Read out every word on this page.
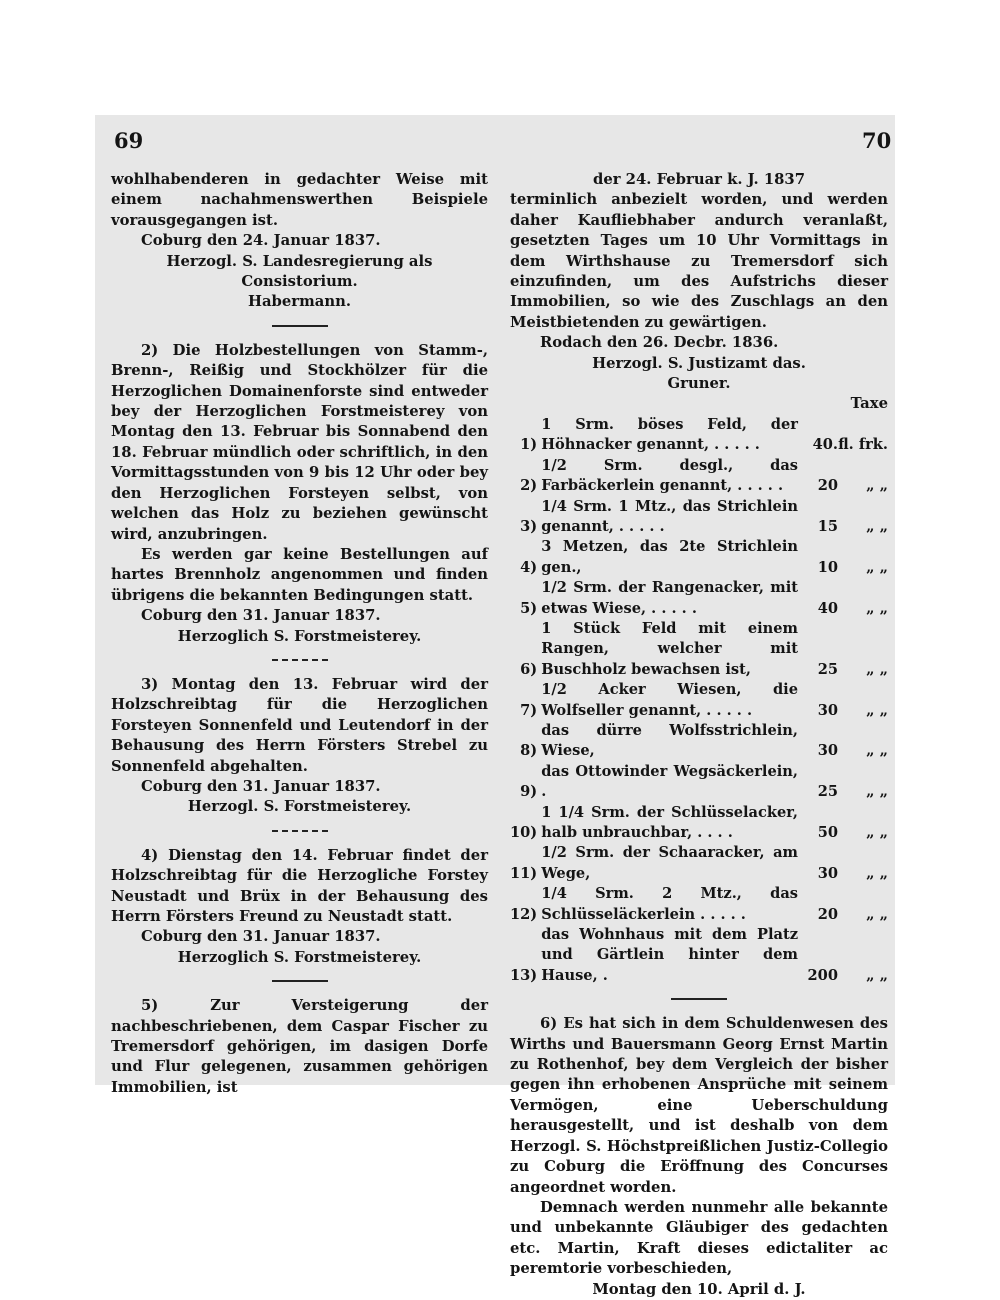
69	70

wohlhabenderen in gedachter Weise mit einem nachahmenswerthen Beispiele vorausgegangen ist.

Coburg den 24. Januar 1837.

Herzogl. S. Landesregierung als Consistorium.

Habermann.

2) Die Holzbestellungen von Stamm-, Brenn-, Reißig und Stockhölzer für die Herzoglichen Domainenforste sind entweder bey der Herzoglichen Forstmeisterey von Montag den 13. Februar bis Sonnabend den 18. Februar mündlich oder schriftlich, in den Vormittagsstunden von 9 bis 12 Uhr oder bey den Herzoglichen Forsteyen selbst, von welchen das Holz zu beziehen gewünscht wird, anzubringen.

Es werden gar keine Bestellungen auf hartes Brennholz angenommen und finden übrigens die bekannten Bedingungen statt.

Coburg den 31. Januar 1837.

Herzoglich S. Forstmeisterey.

3) Montag den 13. Februar wird der Holzschreibtag für die Herzoglichen Forsteyen Sonnenfeld und Leutendorf in der Behausung des Herrn Försters Strebel zu Sonnenfeld abgehalten.

Coburg den 31. Januar 1837.

Herzogl. S. Forstmeisterey.

4) Dienstag den 14. Februar findet der Holzschreibtag für die Herzogliche Forstey Neustadt und Brüx in der Behausung des Herrn Försters Freund zu Neustadt statt.

Coburg den 31. Januar 1837.

Herzoglich S. Forstmeisterey.

5) Zur Versteigerung der nachbeschriebenen, dem Caspar Fischer zu Tremersdorf gehörigen, im dasigen Dorfe und Flur gelegenen, zusammen gehörigen Immobilien, ist

der 24. Februar k. J. 1837

terminlich anbezielt worden, und werden daher Kaufliebhaber andurch veranlaßt, gesetzten Tages um 10 Uhr Vormittags in dem Wirthshause zu Tremersdorf sich einzufinden, um des Aufstrichs dieser Immobilien, so wie des Zuschlags an den Meistbietenden zu gewärtigen.

Rodach den 26. Decbr. 1836.

Herzogl. S. Justizamt das.

Gruner.

Taxe

1)	1 Srm. böses Feld, der Höhnacker genannt, . . . . .	40.	fl. frk.
2)	1/2 Srm. desgl., das Farbäckerlein genannt, . . . . .	20	„ „
3)	1/4 Srm. 1 Mtz., das Strichlein genannt, . . . . .	15	„ „
4)	3 Metzen, das 2te Strichlein gen.,	10	„ „
5)	1/2 Srm. der Rangenacker, mit etwas Wiese, . . . . .	40	„ „
6)	1 Stück Feld mit einem Rangen, welcher mit Buschholz bewachsen ist,	25	„ „
7)	1/2 Acker Wiesen, die Wolfseller genannt, . . . . .	30	„ „
8)	das dürre Wolfsstrichlein, Wiese,	30	„ „
9)	das Ottowinder Wegsäckerlein, .	25	„ „
10)	1 1/4 Srm. der Schlüsselacker, halb unbrauchbar, . . . .	50	„ „
11)	1/2 Srm. der Schaaracker, am Wege,	30	„ „
12)	1/4 Srm. 2 Mtz., das Schlüsseläckerlein . . . . .	20	„ „
13)	das Wohnhaus mit dem Platz und Gärtlein hinter dem Hause, .	200	„ „

6) Es hat sich in dem Schuldenwesen des Wirths und Bauersmann Georg Ernst Martin zu Rothenhof, bey dem Vergleich der bisher gegen ihn erhobenen Ansprüche mit seinem Vermögen, eine Ueberschuldung herausgestellt, und ist deshalb von dem Herzogl. S. Höchstpreißlichen Justiz-Collegio zu Coburg die Eröffnung des Concurses angeordnet worden.

Demnach werden nunmehr alle bekannte und unbekannte Gläubiger des gedachten etc. Martin, Kraft dieses edictaliter ac peremtorie vorbeschieden,

Montag den 10. April d. J.
